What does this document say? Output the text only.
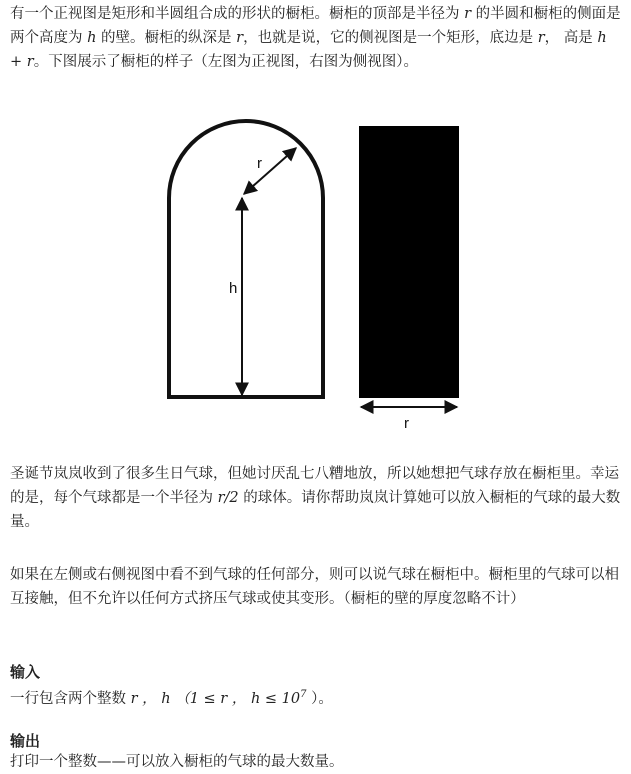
有一个正视图是矩形和半圆组合成的形状的橱柜。橱柜的顶部是半径为 r 的半圆和橱柜的侧面是两个高度为 h 的壁。橱柜的纵深是 r，也就是说，它的侧视图是一个矩形，底边是 r， 高是 h + r。下图展示了橱柜的样子（左图为正视图，右图为侧视图）。

r
h
r

圣诞节岚岚收到了很多生日气球，但她讨厌乱七八糟地放，所以她想把气球存放在橱柜里。幸运的是，每个气球都是一个半径为 r/2 的球体。请你帮助岚岚计算她可以放入橱柜的气球的最大数量。

如果在左侧或右侧视图中看不到气球的任何部分，则可以说气球在橱柜中。橱柜里的气球可以相互接触，但不允许以任何方式挤压气球或使其变形。（橱柜的壁的厚度忽略不计）

输入

一行包含两个整数 r ， h （1 ≤ r ， $h \le 10^7$ ）。

输出

打印一个整数——可以放入橱柜的气球的最大数量。
